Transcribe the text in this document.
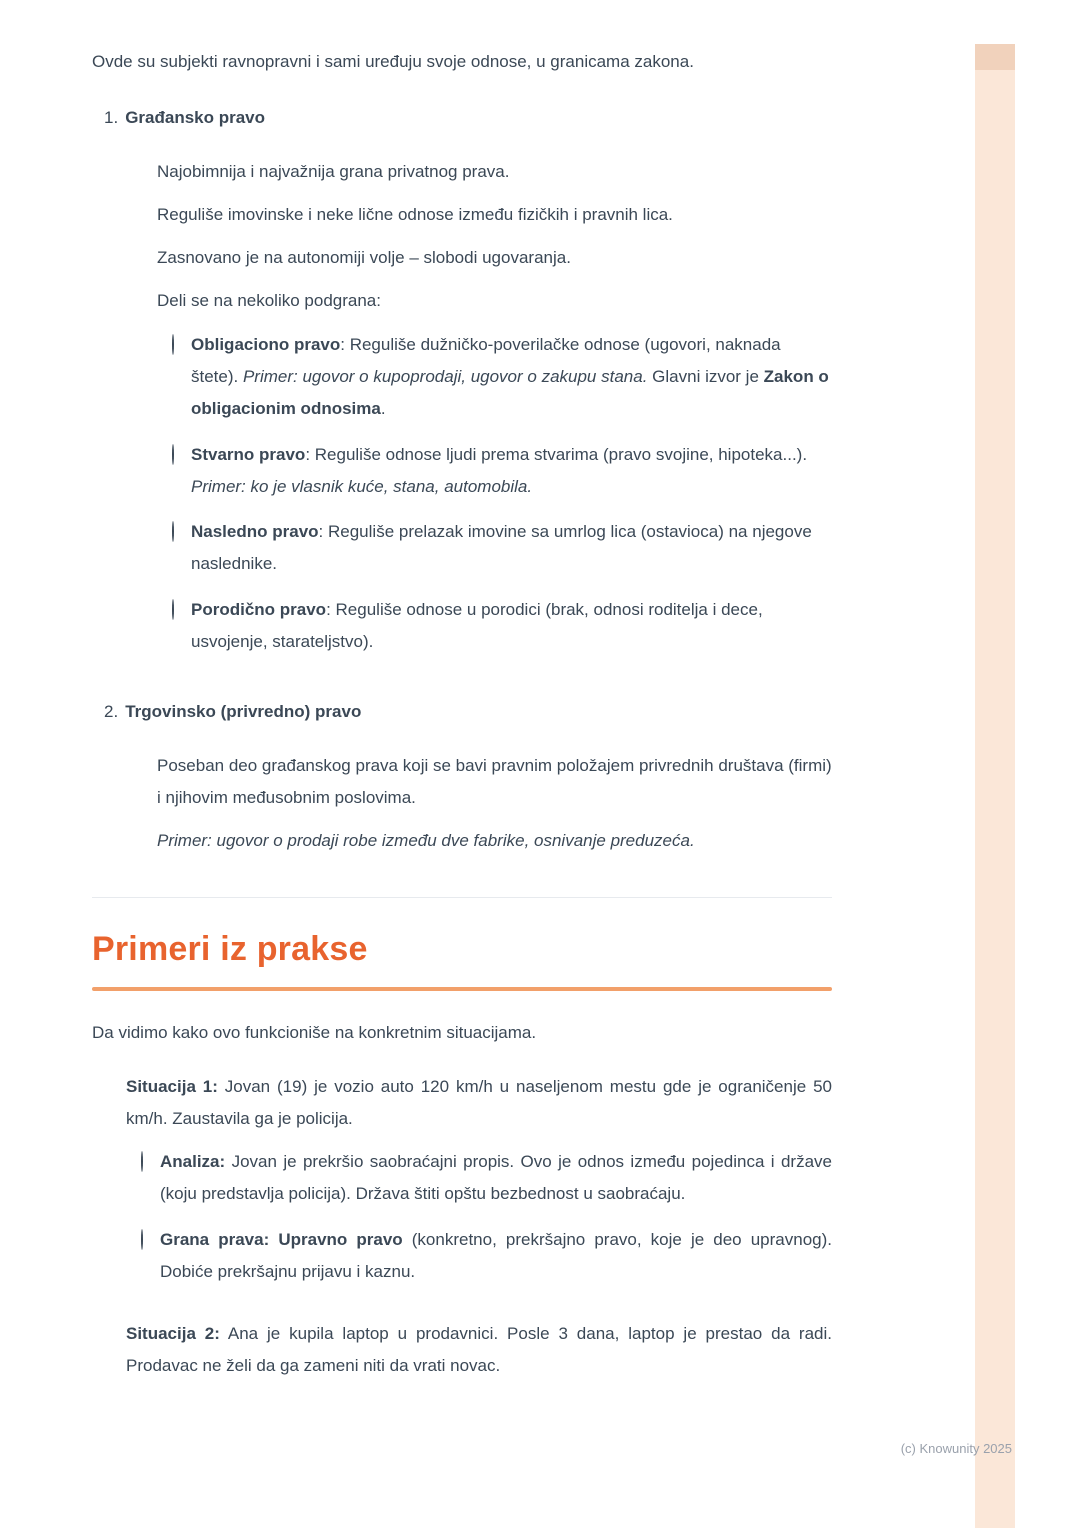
Ovde su subjekti ravnopravni i sami uređuju svoje odnose, u granicama zakona.

1. Građansko pravo

Najobimnija i najvažnija grana privatnog prava.

Reguliše imovinske i neke lične odnose između fizičkih i pravnih lica.

Zasnovano je na autonomiji volje – slobodi ugovaranja.

Deli se na nekoliko podgrana:

Obligaciono pravo: Reguliše dužničko-poverilačke odnose (ugovori, naknada štete). Primer: ugovor o kupoprodaji, ugovor o zakupu stana. Glavni izvor je Zakon o obligacionim odnosima.

Stvarno pravo: Reguliše odnose ljudi prema stvarima (pravo svojine, hipoteka...). Primer: ko je vlasnik kuće, stana, automobila.

Nasledno pravo: Reguliše prelazak imovine sa umrlog lica (ostavioca) na njegove naslednike.

Porodično pravo: Reguliše odnose u porodici (brak, odnosi roditelja i dece, usvojenje, starateljstvo).

2. Trgovinsko (privredno) pravo

Poseban deo građanskog prava koji se bavi pravnim položajem privrednih društava (firmi) i njihovim međusobnim poslovima.

Primer: ugovor o prodaji robe između dve fabrike, osnivanje preduzeća.

Primeri iz prakse

Da vidimo kako ovo funkcioniše na konkretnim situacijama.

Situacija 1: Jovan (19) je vozio auto 120 km/h u naseljenom mestu gde je ograničenje 50 km/h. Zaustavila ga je policija.

Analiza: Jovan je prekršio saobraćajni propis. Ovo je odnos između pojedinca i države (koju predstavlja policija). Država štiti opštu bezbednost u saobraćaju.

Grana prava: Upravno pravo (konkretno, prekršajno pravo, koje je deo upravnog). Dobiće prekršajnu prijavu i kaznu.

Situacija 2: Ana je kupila laptop u prodavnici. Posle 3 dana, laptop je prestao da radi. Prodavac ne želi da ga zameni niti da vrati novac.

(c) Knowunity 2025
